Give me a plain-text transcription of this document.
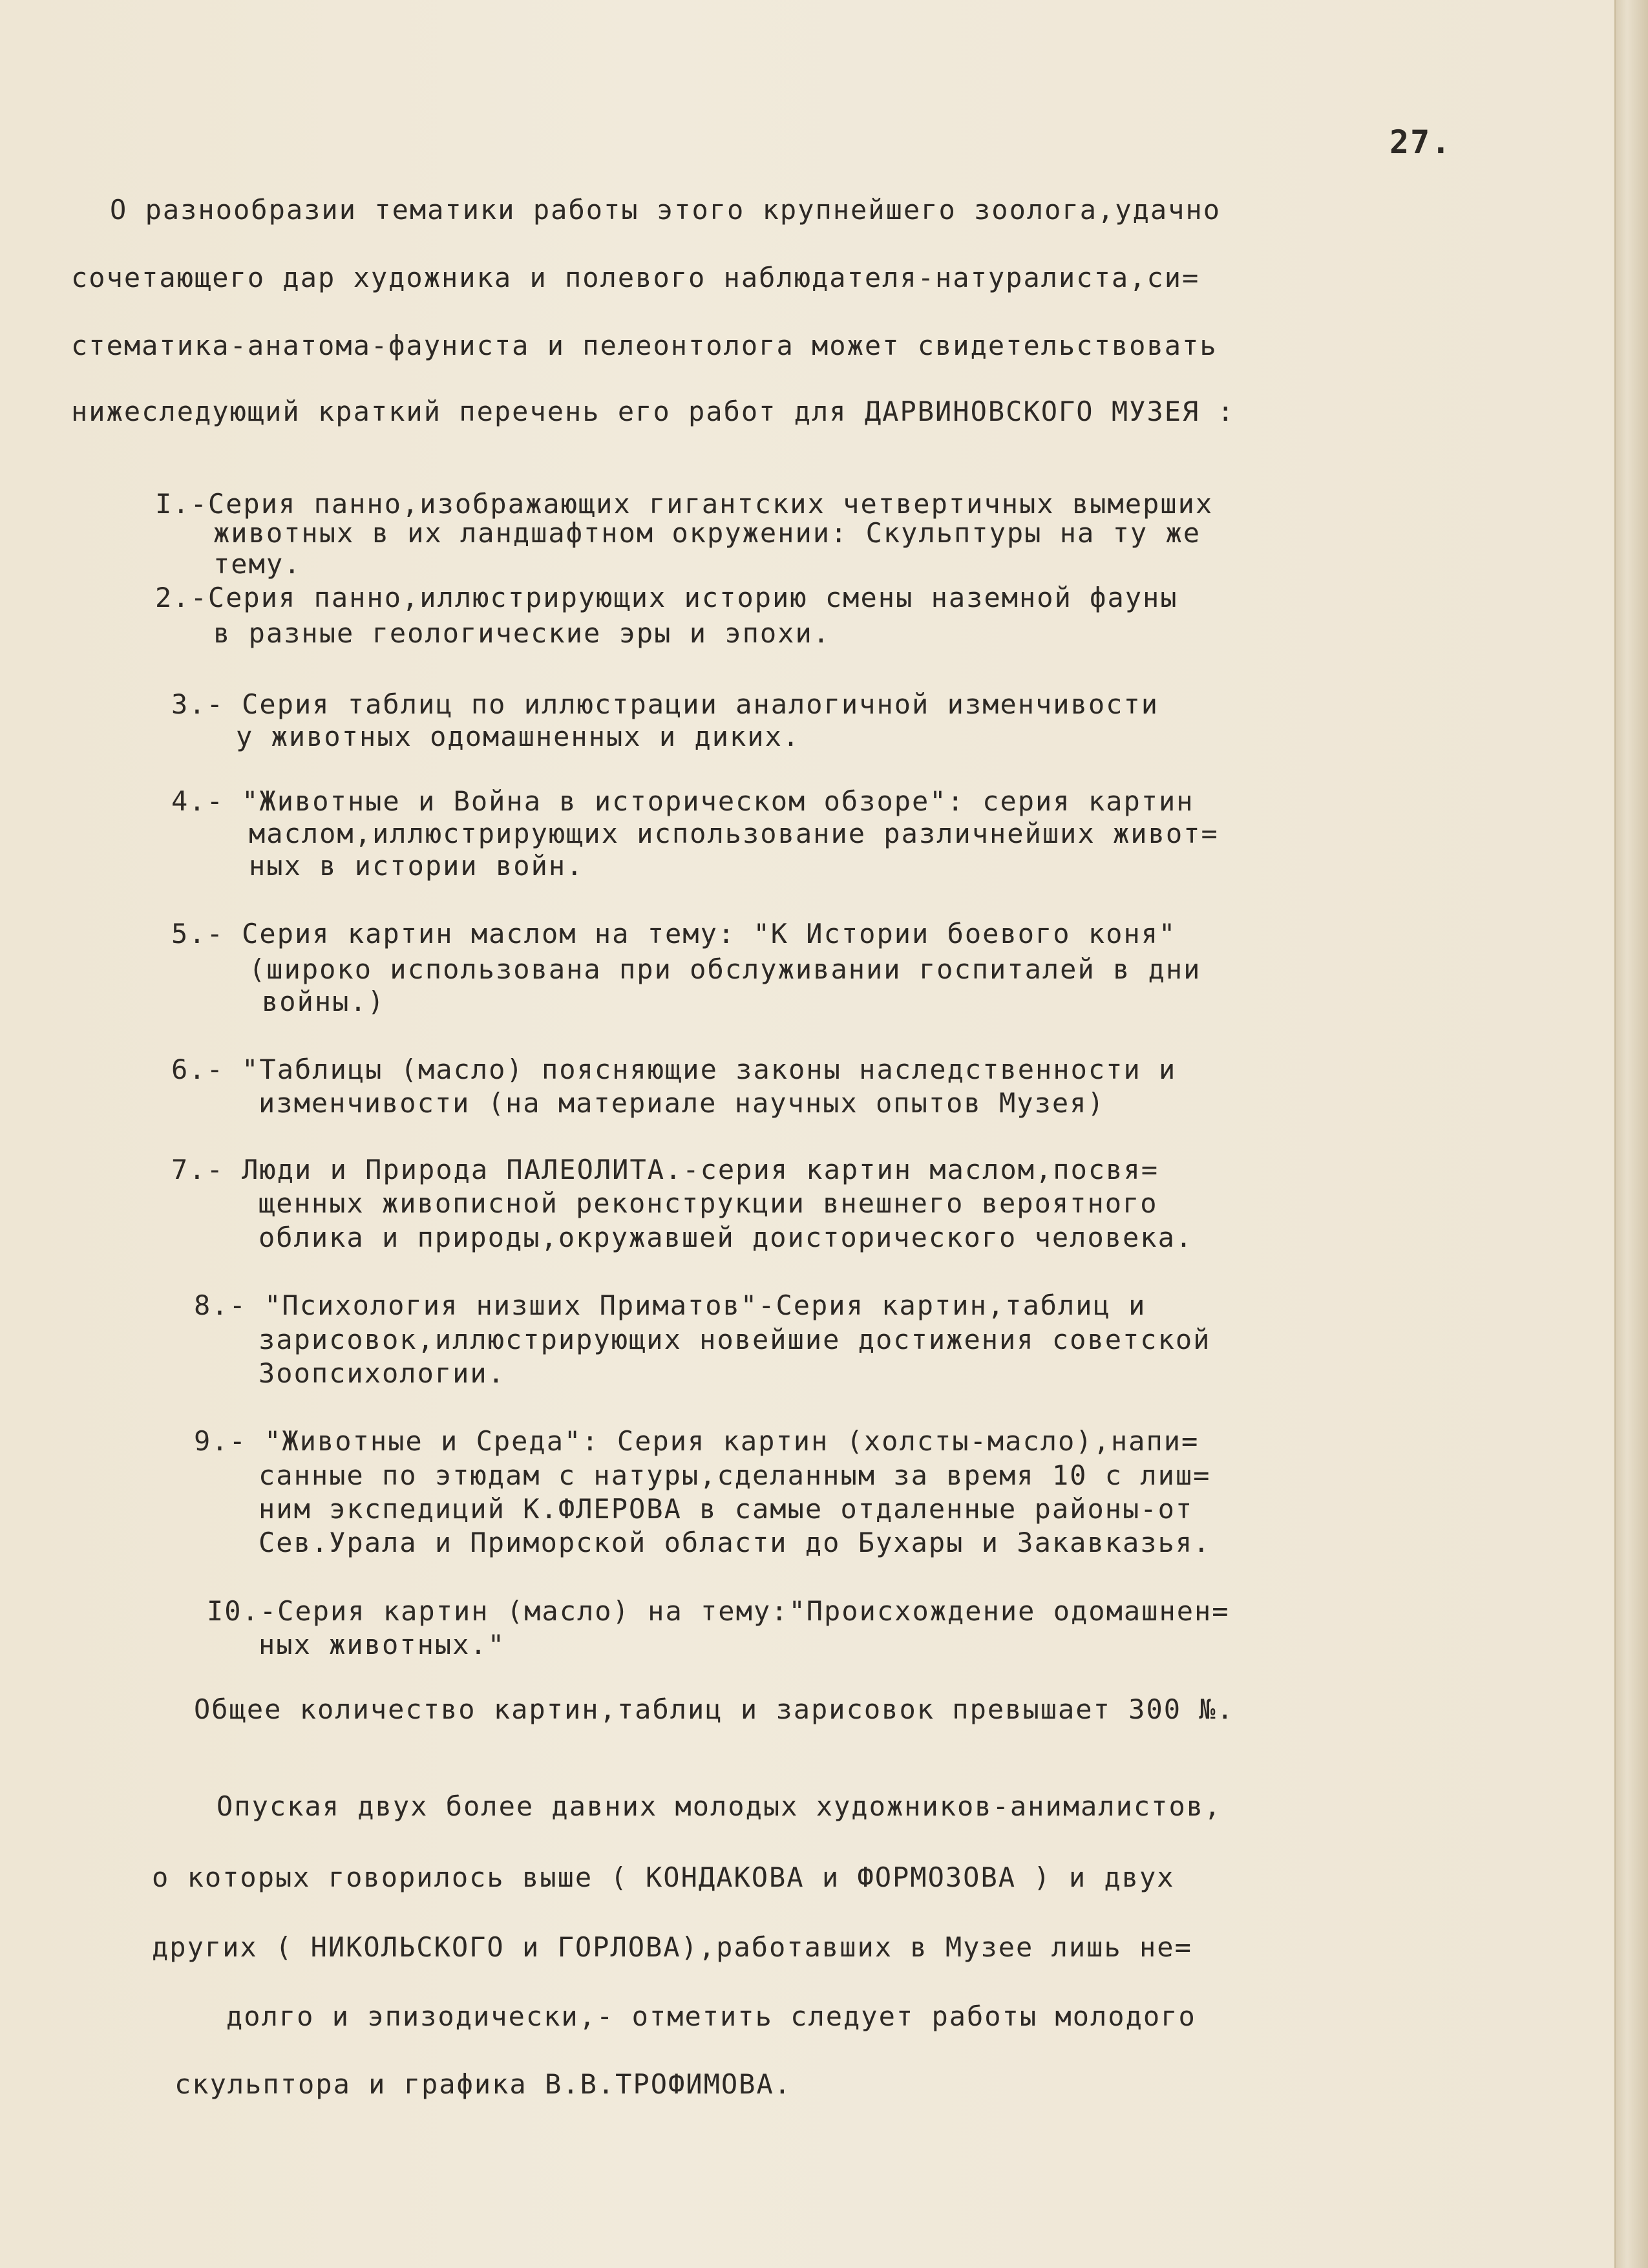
27.
О разнообразии тематики работы этого крупнейшего зоолога,удачно
сочетающего дар художника и полевого наблюдателя-натуралиста,си=
стематика-анатома-фауниста и пелеонтолога может свидетельствовать
нижеследующий краткий перечень его работ для ДАРВИНОВСКОГО МУЗЕЯ :
I.-Серия панно,изображающих гигантских четвертичных вымерших
животных в их ландшафтном окружении: Скульптуры на ту же
тему.
2.-Серия панно,иллюстрирующих историю смены наземной фауны
в разные геологические эры и эпохи.
3.- Серия таблиц по иллюстрации аналогичной изменчивости
у животных одомашненных и диких.
4.- "Животные и Война в историческом обзоре": серия картин
маслом,иллюстрирующих использование различнейших живот=
ных в истории войн.
5.- Серия картин маслом на тему: "К Истории боевого коня"
(широко использована при обслуживании госпиталей в дни
войны.)
6.- "Таблицы (масло) поясняющие законы наследственности и
изменчивости (на материале научных опытов Музея)
7.- Люди и Природа ПАЛЕОЛИТА.-серия картин маслом,посвя=
щенных живописной реконструкции внешнего вероятного
облика и природы,окружавшей доисторического человека.
8.- "Психология низших Приматов"-Серия картин,таблиц и
зарисовок,иллюстрирующих новейшие достижения советской
Зоопсихологии.
9.- "Животные и Среда": Серия картин (холсты-масло),напи=
санные по этюдам с натуры,сделанным за время 10 с лиш=
ним экспедиций К.ФЛЕРОВА в самые отдаленные районы-от
Сев.Урала и Приморской области до Бухары и Закавказья.
I0.-Серия картин (масло) на тему:"Происхождение одомашнен=
ных животных."
Общее количество картин,таблиц и зарисовок превышает 300 №.
Опуская двух более давних молодых художников-анималистов,
о которых говорилось выше ( КОНДАКОВА и ФОРМОЗОВА ) и двух
других ( НИКОЛЬСКОГО и ГОРЛОВА),работавших в Музее лишь не=
долго и эпизодически,- отметить следует работы молодого
скульптора и графика В.В.ТРОФИМОВА.
